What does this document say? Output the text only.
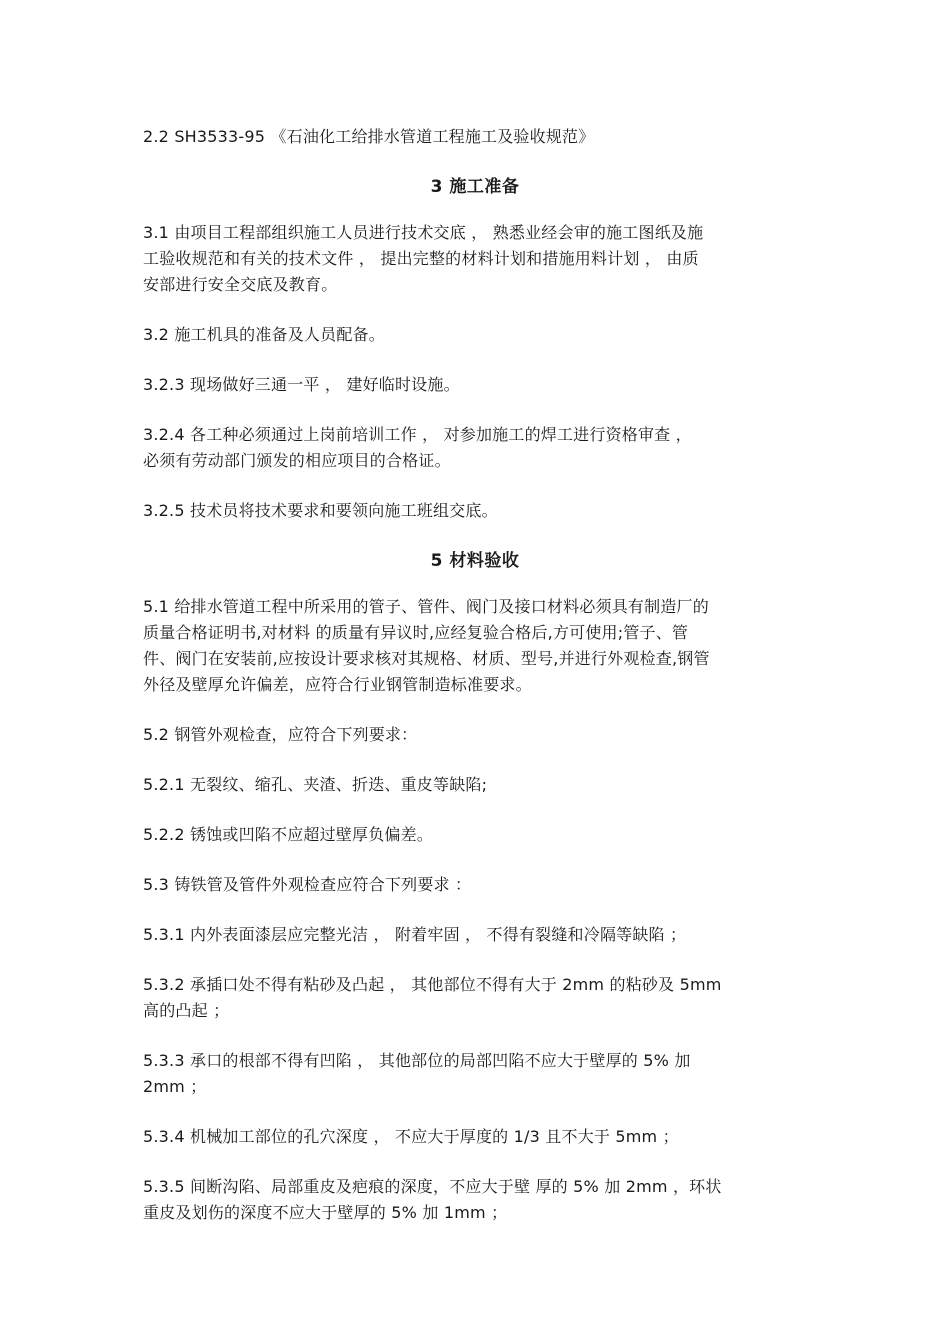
2.2 SH3533-95 《石油化工给排水管道工程施工及验收规范》
3 施工准备
3.1 由项目工程部组织施工人员进行技术交底 ， 熟悉业经会审的施工图纸及施
工验收规范和有关的技术文件 ， 提出完整的材料计划和措施用料计划 ， 由质
安部进行安全交底及教育。
3.2 施工机具的准备及人员配备。
3.2.3 现场做好三通一平 ， 建好临时设施。
3.2.4 各工种必须通过上岗前培训工作 ， 对参加施工的焊工进行资格审查 ，
必须有劳动部门颁发的相应项目的合格证。
3.2.5 技术员将技术要求和要领向施工班组交底。
5 材料验收
5.1 给排水管道工程中所采用的管子、管件、阀门及接口材料必须具有制造厂的
质量合格证明书,对材料 的质量有异议时,应经复验合格后,方可使用;管子、管
件、阀门在安装前,应按设计要求核对其规格、材质、型号,并进行外观检查,钢管
外径及壁厚允许偏差，应符合行业钢管制造标准要求。
5.2 钢管外观检查，应符合下列要求：
5.2.1 无裂纹、缩孔、夹渣、折迭、重皮等缺陷;
5.2.2 锈蚀或凹陷不应超过壁厚负偏差。
5.3 铸铁管及管件外观检查应符合下列要求 ：
5.3.1 内外表面漆层应完整光洁 ， 附着牢固 ， 不得有裂缝和冷隔等缺陷 ；
5.3.2 承插口处不得有粘砂及凸起 ， 其他部位不得有大于 2mm 的粘砂及 5mm
高的凸起 ；
5.3.3 承口的根部不得有凹陷 ， 其他部位的局部凹陷不应大于壁厚的 5% 加
2mm ；
5.3.4 机械加工部位的孔穴深度 ， 不应大于厚度的 1/3 且不大于 5mm ；
5.3.5 间断沟陷、局部重皮及疤痕的深度，不应大于壁 厚的 5% 加 2mm ，环状
重皮及划伤的深度不应大于壁厚的 5% 加 1mm ；
